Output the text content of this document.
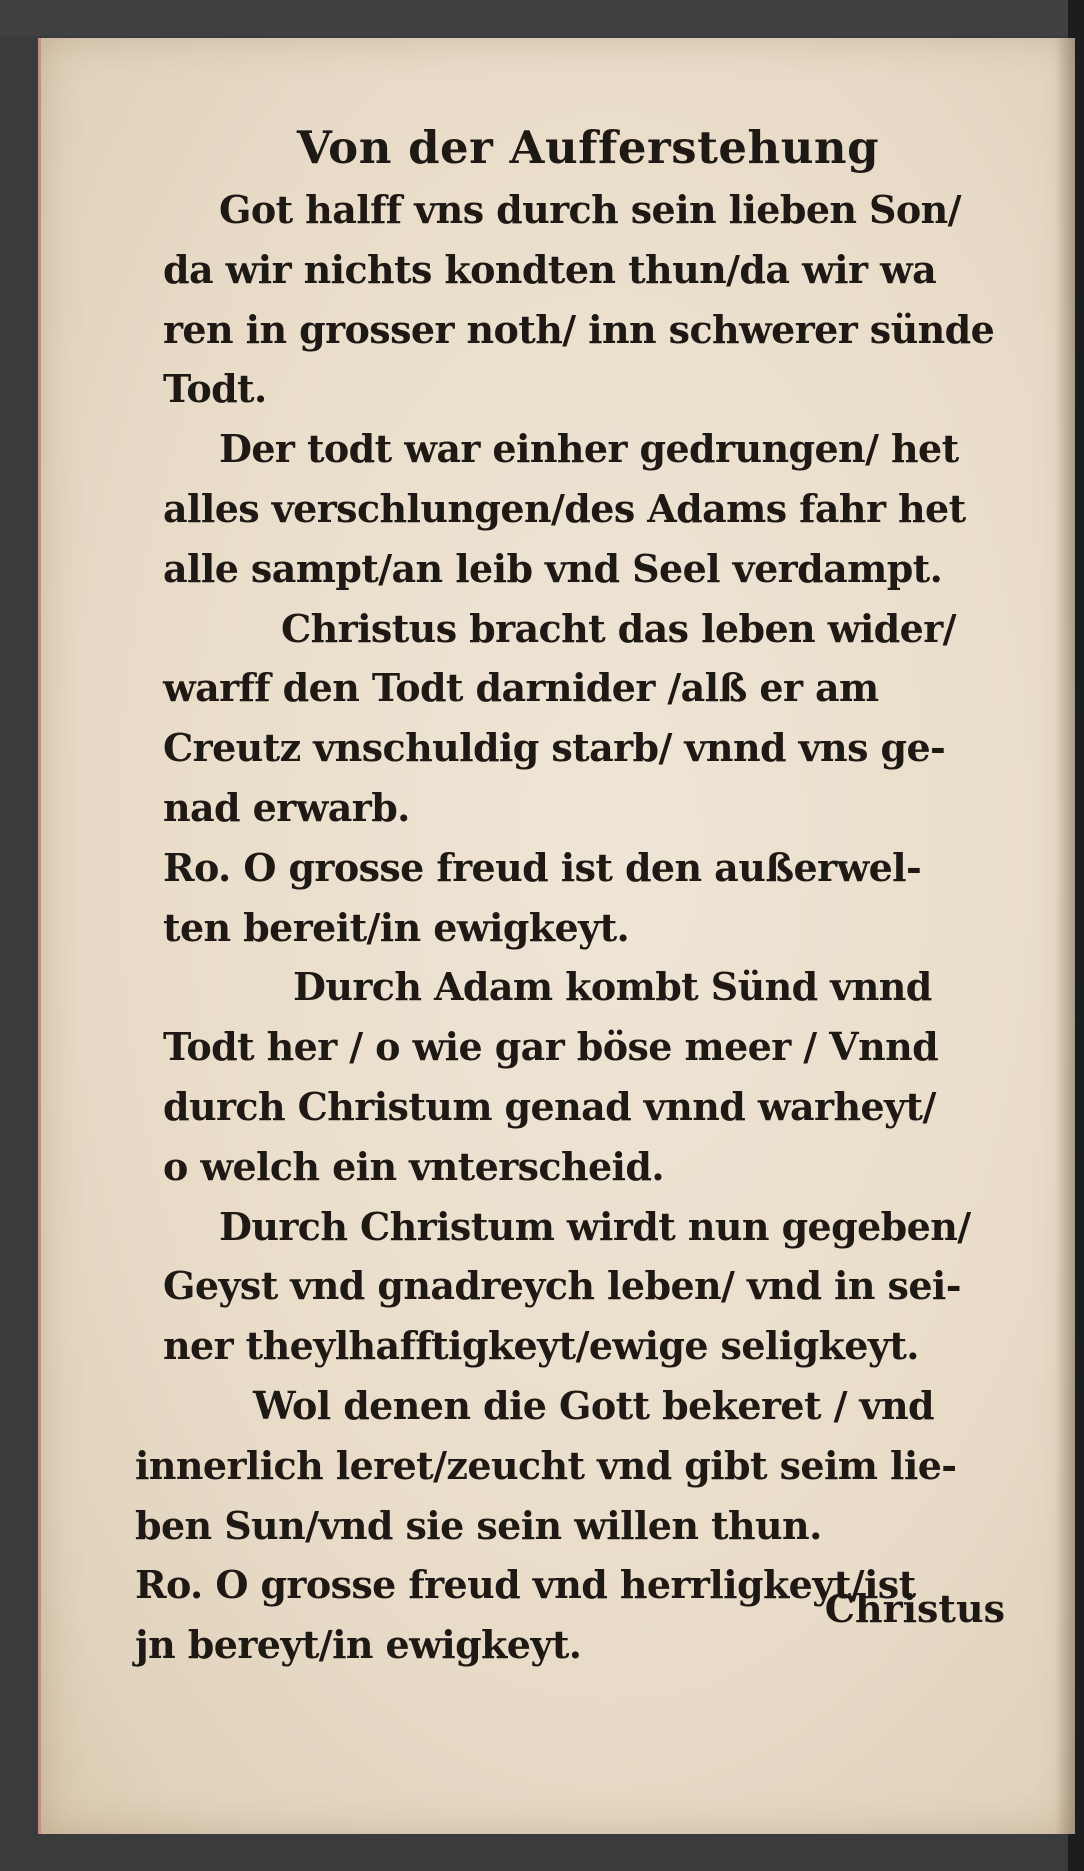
Von der Aufferstehung
Got halff vns durch sein lieben Son/
da wir nichts kondten thun/da wir wa
ren in grosser noth/ inn schwerer sünde
Todt.
Der todt war einher gedrungen/ het
alles verschlungen/des Adams fahr het
alle sampt/an leib vnd Seel verdampt.
Christus bracht das leben wider/
warff den Todt darnider /alß er am
Creutz vnschuldig starb/ vnnd vns ge-
nad erwarb.
Ro. O grosse freud ist den außerwel-
ten bereit/in ewigkeyt.
Durch Adam kombt Sünd vnnd
Todt her / o wie gar böse meer / Vnnd
durch Christum genad vnnd warheyt/
o welch ein vnterscheid.
Durch Christum wirdt nun gegeben/
Geyst vnd gnadreych leben/ vnd in sei-
ner theylhafftigkeyt/ewige seligkeyt.
Wol denen die Gott bekeret / vnd
innerlich leret/zeucht vnd gibt seim lie-
ben Sun/vnd sie sein willen thun.
Ro. O grosse freud vnd herrligkeyt/ist
jn bereyt/in ewigkeyt.
Christus
